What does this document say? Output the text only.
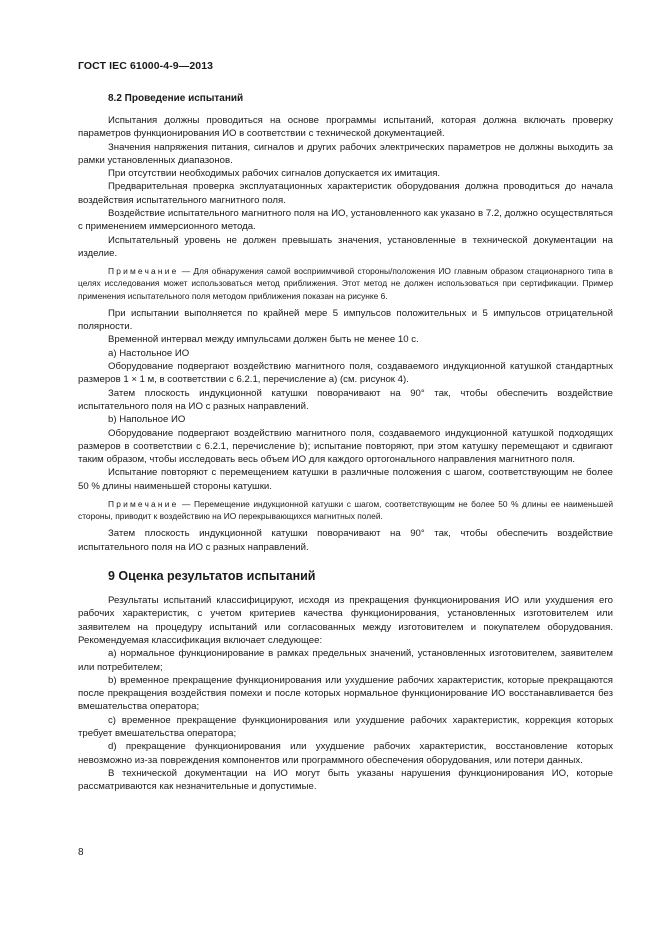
ГОСТ IEC 61000-4-9—2013
8.2 Проведение испытаний

Испытания должны проводиться на основе программы испытаний, которая должна включать проверку параметров функционирования ИО в соответствии с технической документацией.

Значения напряжения питания, сигналов и других рабочих электрических параметров не должны выходить за рамки установленных диапазонов.

При отсутствии необходимых рабочих сигналов допускается их имитация.

Предварительная проверка эксплуатационных характеристик оборудования должна проводиться до начала воздействия испытательного магнитного поля.

Воздействие испытательного магнитного поля на ИО, установленного как указано в 7.2, должно осуществляться с применением иммерсионного метода.

Испытательный уровень не должен превышать значения, установленные в технической документации на изделие.

Примечание — Для обнаружения самой восприимчивой стороны/положения ИО главным образом стационарного типа в целях исследования может использоваться метод приближения. Этот метод не должен использоваться при сертификации. Пример применения испытательного поля методом приближения показан на рисунке 6.

При испытании выполняется по крайней мере 5 импульсов положительных и 5 импульсов отрицательной полярности.

Временной интервал между импульсами должен быть не менее 10 с.

а) Настольное ИО

Оборудование подвергают воздействию магнитного поля, создаваемого индукционной катушкой стандартных размеров 1 × 1 м, в соответствии с 6.2.1, перечисление а) (см. рисунок 4).

Затем плоскость индукционной катушки поворачивают на 90° так, чтобы обеспечить воздействие испытательного поля на ИО с разных направлений.

b) Напольное ИО

Оборудование подвергают воздействию магнитного поля, создаваемого индукционной катушкой подходящих размеров в соответствии с 6.2.1, перечисление b); испытание повторяют, при этом катушку перемещают и сдвигают таким образом, чтобы исследовать весь объем ИО для каждого ортогонального направления магнитного поля.

Испытание повторяют с перемещением катушки в различные положения с шагом, соответствующим не более 50 % длины наименьшей стороны катушки.

Примечание — Перемещение индукционной катушки с шагом, соответствующим не более 50 % длины ее наименьшей стороны, приводит к воздействию на ИО перекрывающихся магнитных полей.

Затем плоскость индукционной катушки поворачивают на 90° так, чтобы обеспечить воздействие испытательного поля на ИО с разных направлений.

9 Оценка результатов испытаний

Результаты испытаний классифицируют, исходя из прекращения функционирования ИО или ухудшения его рабочих характеристик, с учетом критериев качества функционирования, установленных изготовителем или заявителем на процедуру испытаний или согласованных между изготовителем и покупателем оборудования. Рекомендуемая классификация включает следующее:

а) нормальное функционирование в рамках предельных значений, установленных изготовителем, заявителем или потребителем;

b) временное прекращение функционирования или ухудшение рабочих характеристик, которые прекращаются после прекращения воздействия помехи и после которых нормальное функционирование ИО восстанавливается без вмешательства оператора;

с) временное прекращение функционирования или ухудшение рабочих характеристик, коррекция которых требует вмешательства оператора;

d) прекращение функционирования или ухудшение рабочих характеристик, восстановление которых невозможно из-за повреждения компонентов или программного обеспечения оборудования, или потери данных.

В технической документации на ИО могут быть указаны нарушения функционирования ИО, которые рассматриваются как незначительные и допустимые.

8
